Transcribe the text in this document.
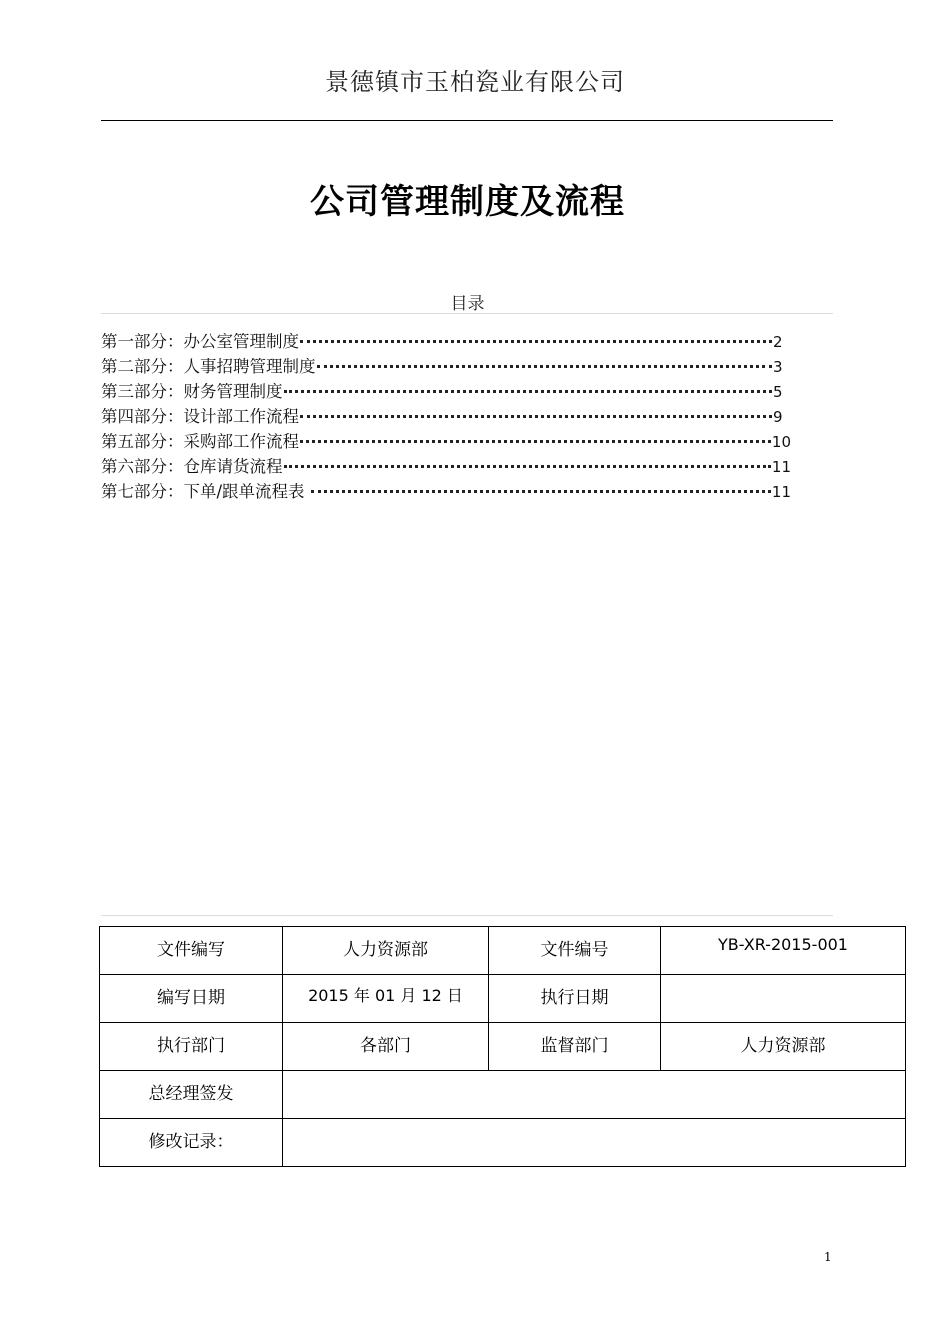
景德镇市玉柏瓷业有限公司
公司管理制度及流程
目录
第一部分：办公室管理制度	2
第二部分：人事招聘管理制度	3
第三部分：财务管理制度	5
第四部分：设计部工作流程	9
第五部分：采购部工作流程	10
第六部分：仓库请货流程	11
第七部分：下单/跟单流程表	11
文件编写	人力资源部	文件编号	YB-XR-2015-001
编写日期	2015 年 01 月 12 日	执行日期	
执行部门	各部门	监督部门	人力资源部
总经理签发			
修改记录：			
1
